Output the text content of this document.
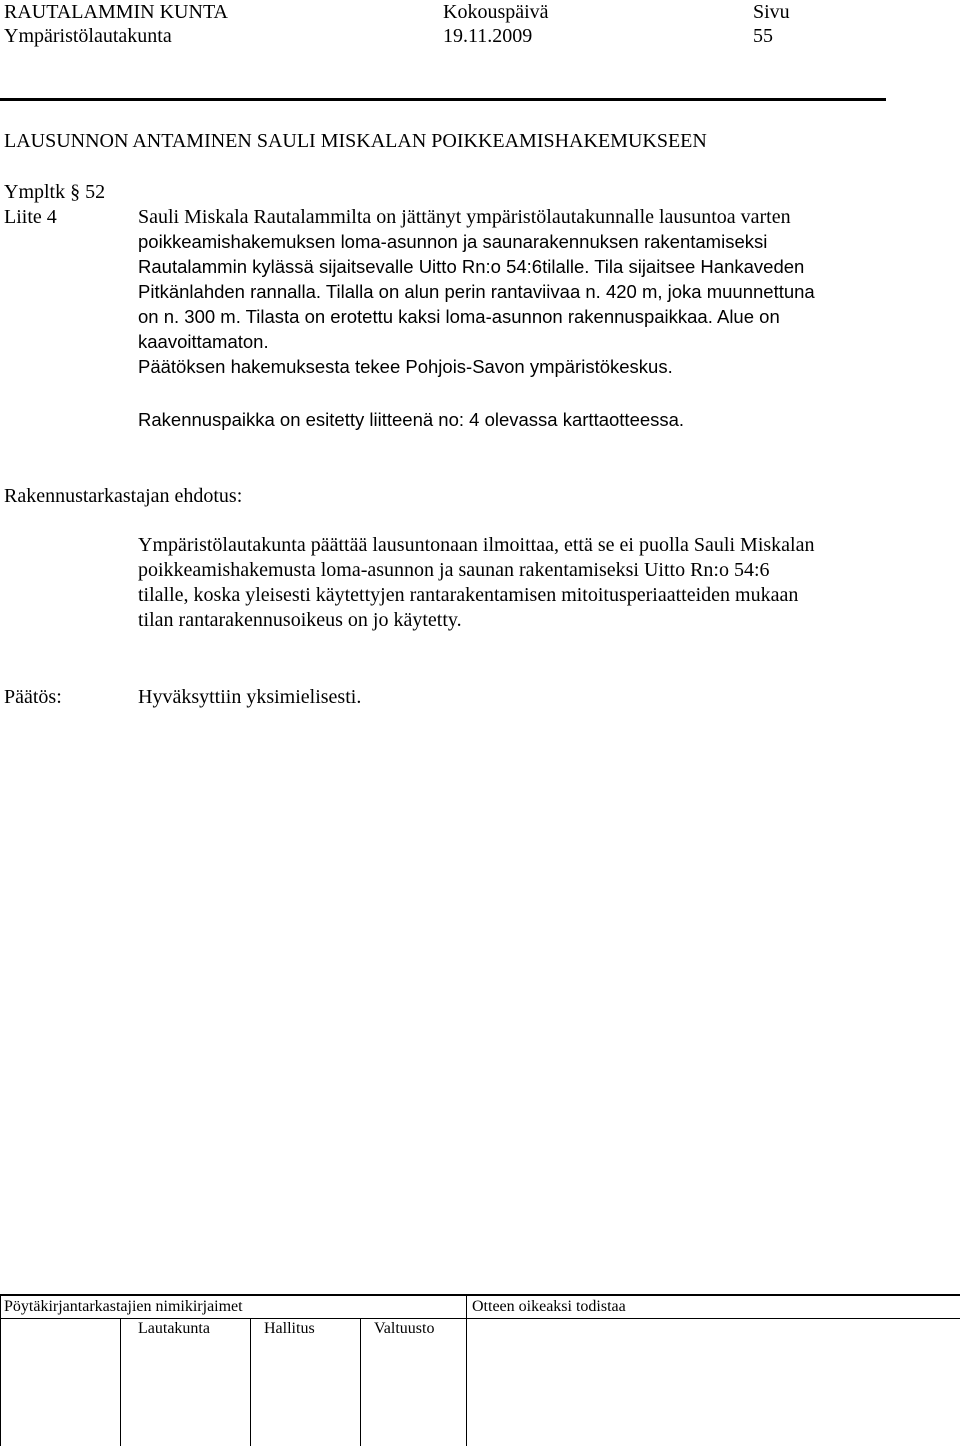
RAUTALAMMIN KUNTA
Ympäristölautakunta
Kokouspäivä
19.11.2009
Sivu
55
LAUSUNNON ANTAMINEN SAULI MISKALAN POIKKEAMISHAKEMUKSEEN
Ympltk § 52
Liite 4	Sauli Miskala Rautalammilta on jättänyt ympäristölautakunnalle lausuntoa varten
poikkeamishakemuksen loma-asunnon ja saunarakennuksen rakentamiseksi
Rautalammin kylässä sijaitsevalle Uitto Rn:o 54:6tilalle. Tila sijaitsee Hankaveden
Pitkänlahden rannalla. Tilalla on alun perin rantaviivaa n. 420 m, joka muunnettuna
on n. 300 m. Tilasta on erotettu kaksi loma-asunnon rakennuspaikkaa. Alue on
kaavoittamaton.
Päätöksen hakemuksesta tekee Pohjois-Savon ympäristökeskus.
Rakennuspaikka on esitetty liitteenä no: 4 olevassa karttaotteessa.
Rakennustarkastajan ehdotus:
Ympäristölautakunta päättää lausuntonaan ilmoittaa, että se ei puolla Sauli Miskalan
poikkeamishakemusta loma-asunnon ja saunan rakentamiseksi Uitto Rn:o 54:6
tilalle, koska yleisesti käytettyjen rantarakentamisen mitoitusperiaatteiden mukaan
tilan rantarakennusoikeus on jo käytetty.
Päätös:	Hyväksyttiin yksimielisesti.
Pöytäkirjantarkastajien nimikirjaimet	Otteen oikeaksi todistaa
Lautakunta	Hallitus	Valtuusto
